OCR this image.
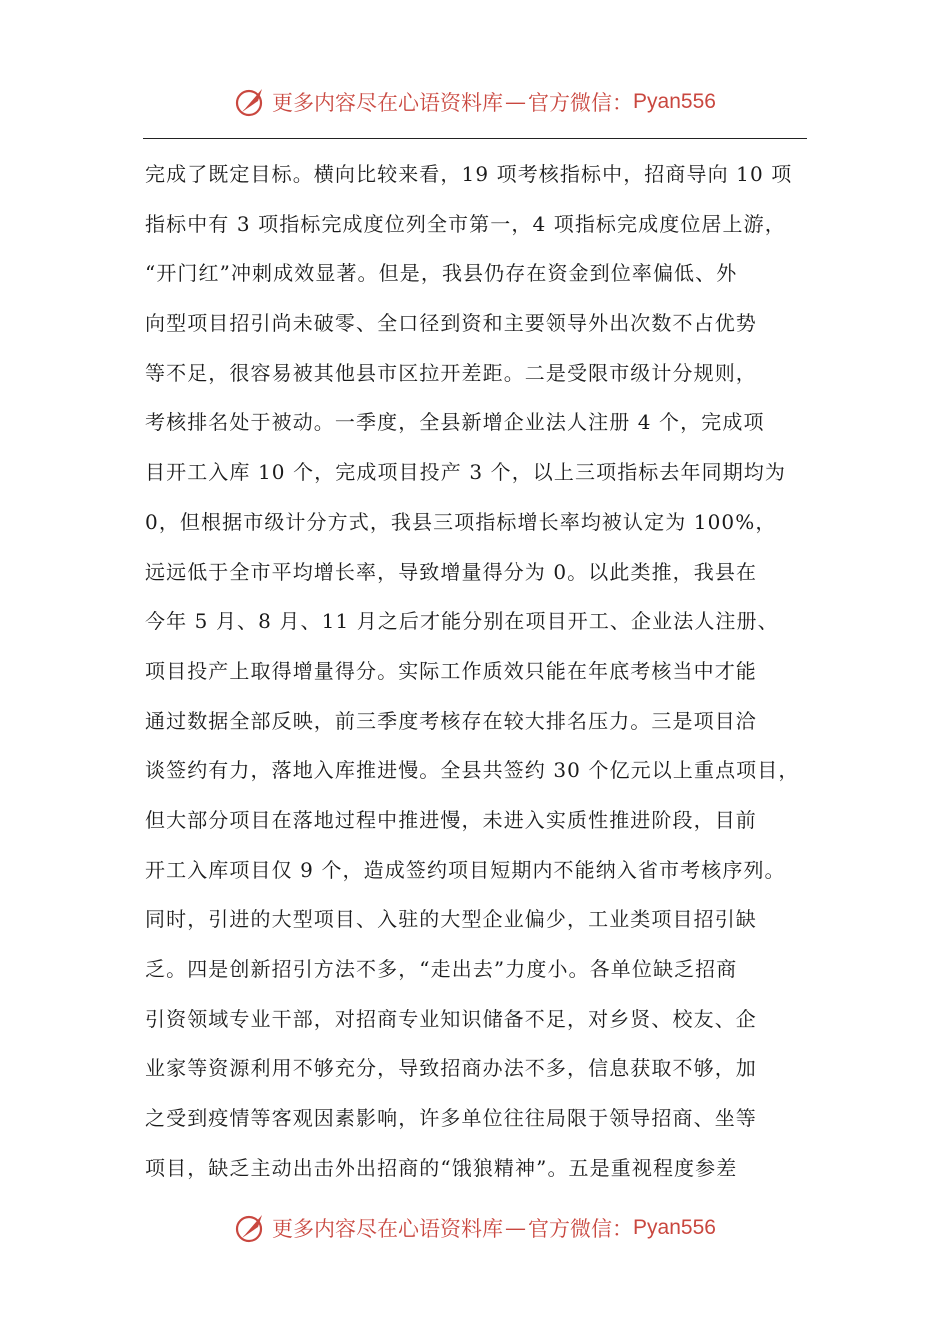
更多内容尽在心语资料库 — 官方微信： Pyan556
完成了既定目标。横向比较来看，19 项考核指标中，招商导向 10 项
指标中有 3 项指标完成度位列全市第一，4 项指标完成度位居上游，
“开门红”冲刺成效显著。但是，我县仍存在资金到位率偏低、外
向型项目招引尚未破零、全口径到资和主要领导外出次数不占优势
等不足，很容易被其他县市区拉开差距。二是受限市级计分规则，
考核排名处于被动。一季度，全县新增企业法人注册 4 个，完成项
目开工入库 10 个，完成项目投产 3 个，以上三项指标去年同期均为
0，但根据市级计分方式，我县三项指标增长率均被认定为 100%，
远远低于全市平均增长率，导致增量得分为 0。以此类推，我县在
今年 5 月、8 月、11 月之后才能分别在项目开工、企业法人注册、
项目投产上取得增量得分。实际工作质效只能在年底考核当中才能
通过数据全部反映，前三季度考核存在较大排名压力。三是项目洽
谈签约有力，落地入库推进慢。全县共签约 30 个亿元以上重点项目，
但大部分项目在落地过程中推进慢，未进入实质性推进阶段，目前
开工入库项目仅 9 个，造成签约项目短期内不能纳入省市考核序列。
同时，引进的大型项目、入驻的大型企业偏少，工业类项目招引缺
乏。四是创新招引方法不多，“走出去”力度小。各单位缺乏招商
引资领域专业干部，对招商专业知识储备不足，对乡贤、校友、企
业家等资源利用不够充分，导致招商办法不多，信息获取不够，加
之受到疫情等客观因素影响，许多单位往往局限于领导招商、坐等
项目，缺乏主动出击外出招商的“饿狼精神”。五是重视程度参差
更多内容尽在心语资料库 — 官方微信： Pyan556
